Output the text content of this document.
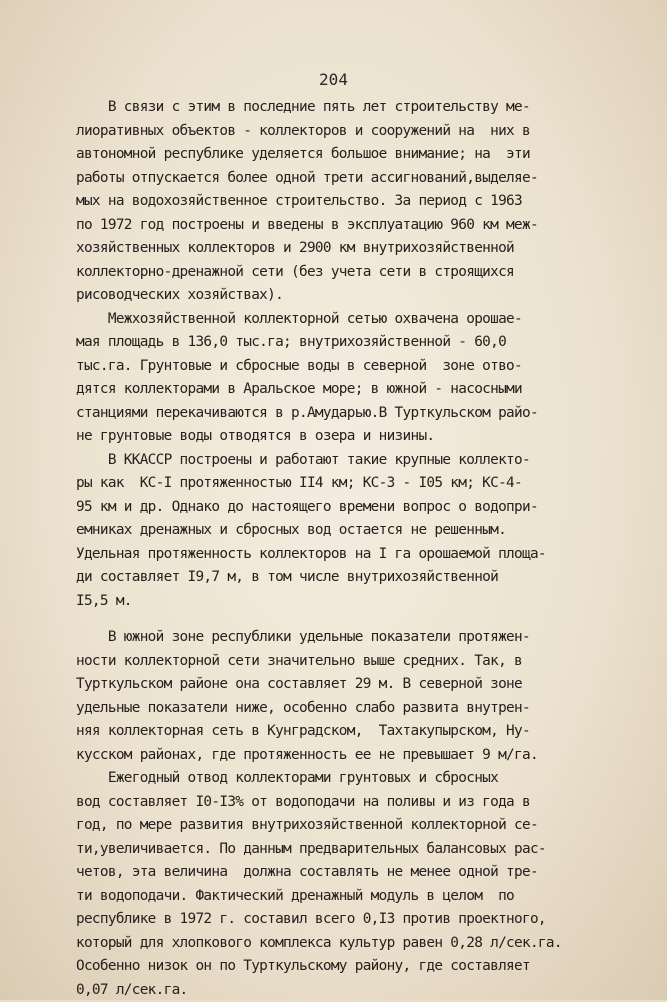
204
В связи с этим в последние пять лет строительству ме-
лиоративных объектов - коллекторов и сооружений на  них в
автономной республике уделяется большое внимание; на  эти
работы отпускается более одной трети ассигнований,выделяе-
мых на водохозяйственное строительство. За период с 1963
по 1972 год построены и введены в эксплуатацию 960 км меж-
хозяйственных коллекторов и 2900 км внутрихозяйственной
коллекторно-дренажной сети (без учета сети в строящихся
рисоводческих хозяйствах).
Межхозяйственной коллекторной сетью охвачена орошае-
мая площадь в 136,0 тыс.га; внутрихозяйственной - 60,0
тыс.га. Грунтовые и сбросные воды в северной  зоне отво-
дятся коллекторами в Аральское море; в южной - насосными
станциями перекачиваются в р.Амударью.В Турткульском райо-
не грунтовые воды отводятся в озера и низины.
В ККАССР построены и работают такие крупные коллекто-
ры как  КС-I протяженностью II4 км; КС-3 - I05 км; КС-4-
95 км и др. Однако до настоящего времени вопрос о водопри-
емниках дренажных и сбросных вод остается не решенным.
Удельная протяженность коллекторов на I га орошаемой площа-
ди составляет I9,7 м, в том числе внутрихозяйственной
I5,5 м.
В южной зоне республики удельные показатели протяжен-
ности коллекторной сети значительно выше средних. Так, в
Турткульском районе она составляет 29 м. В северной зоне
удельные показатели ниже, особенно слабо развита внутрен-
няя коллекторная сеть в Кунградском,  Тахтакупырском, Ну-
кусском районах, где протяженность ее не превышает 9 м/га.
Ежегодный отвод коллекторами грунтовых и сбросных
вод составляет I0-I3% от водоподачи на поливы и из года в
год, по мере развития внутрихозяйственной коллекторной се-
ти,увеличивается. По данным предварительных балансовых рас-
четов, эта величина  должна составлять не менее одной тре-
ти водоподачи. Фактический дренажный модуль в целом  по
республике в 1972 г. составил всего 0,I3 против проектного,
который для хлопкового комплекса культур равен 0,28 л/сек.га.
Особенно низок он по Турткульскому району, где составляет
0,07 л/сек.га.
